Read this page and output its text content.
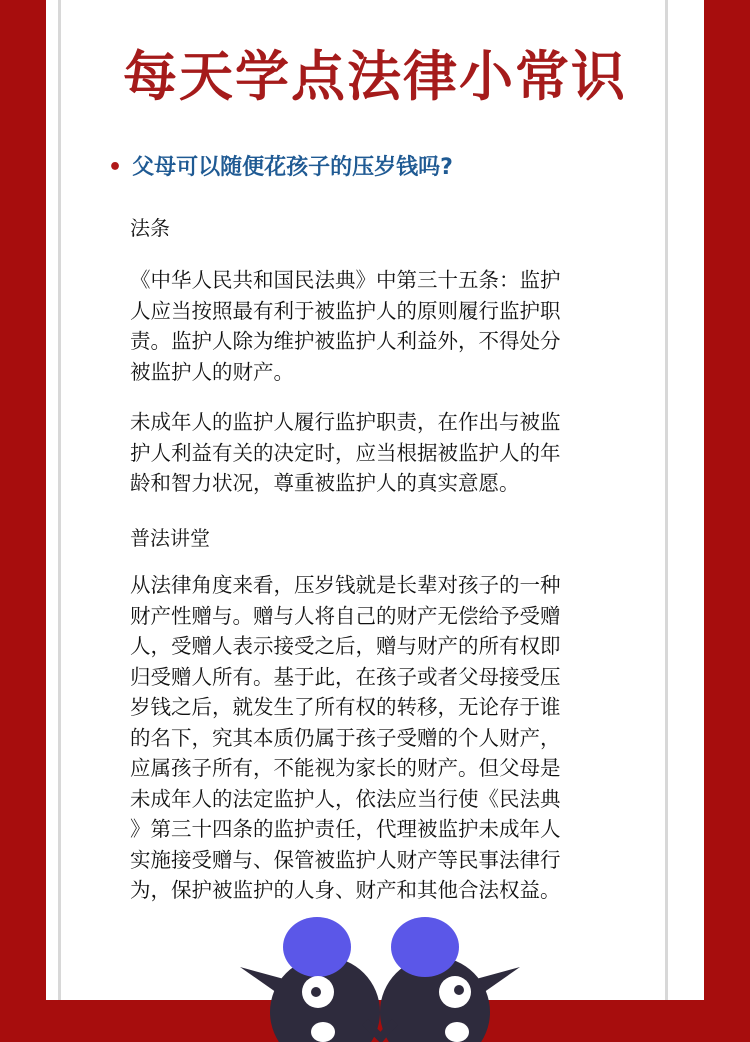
每天学点法律小常识
• 父母可以随便花孩子的压岁钱吗?
法条
《中华人民共和国民法典》中第三十五条：监护
人应当按照最有利于被监护人的原则履行监护职
责。监护人除为维护被监护人利益外，不得处分
被监护人的财产。
未成年人的监护人履行监护职责，在作出与被监
护人利益有关的决定时，应当根据被监护人的年
龄和智力状况，尊重被监护人的真实意愿。
普法讲堂
从法律角度来看，压岁钱就是长辈对孩子的一种
财产性赠与。赠与人将自己的财产无偿给予受赠
人，受赠人表示接受之后，赠与财产的所有权即
归受赠人所有。基于此，在孩子或者父母接受压
岁钱之后，就发生了所有权的转移，无论存于谁
的名下，究其本质仍属于孩子受赠的个人财产，
应属孩子所有，不能视为家长的财产。但父母是
未成年人的法定监护人，依法应当行使《民法典
》第三十四条的监护责任，代理被监护未成年人
实施接受赠与、保管被监护人财产等民事法律行
为，保护被监护的人身、财产和其他合法权益。
